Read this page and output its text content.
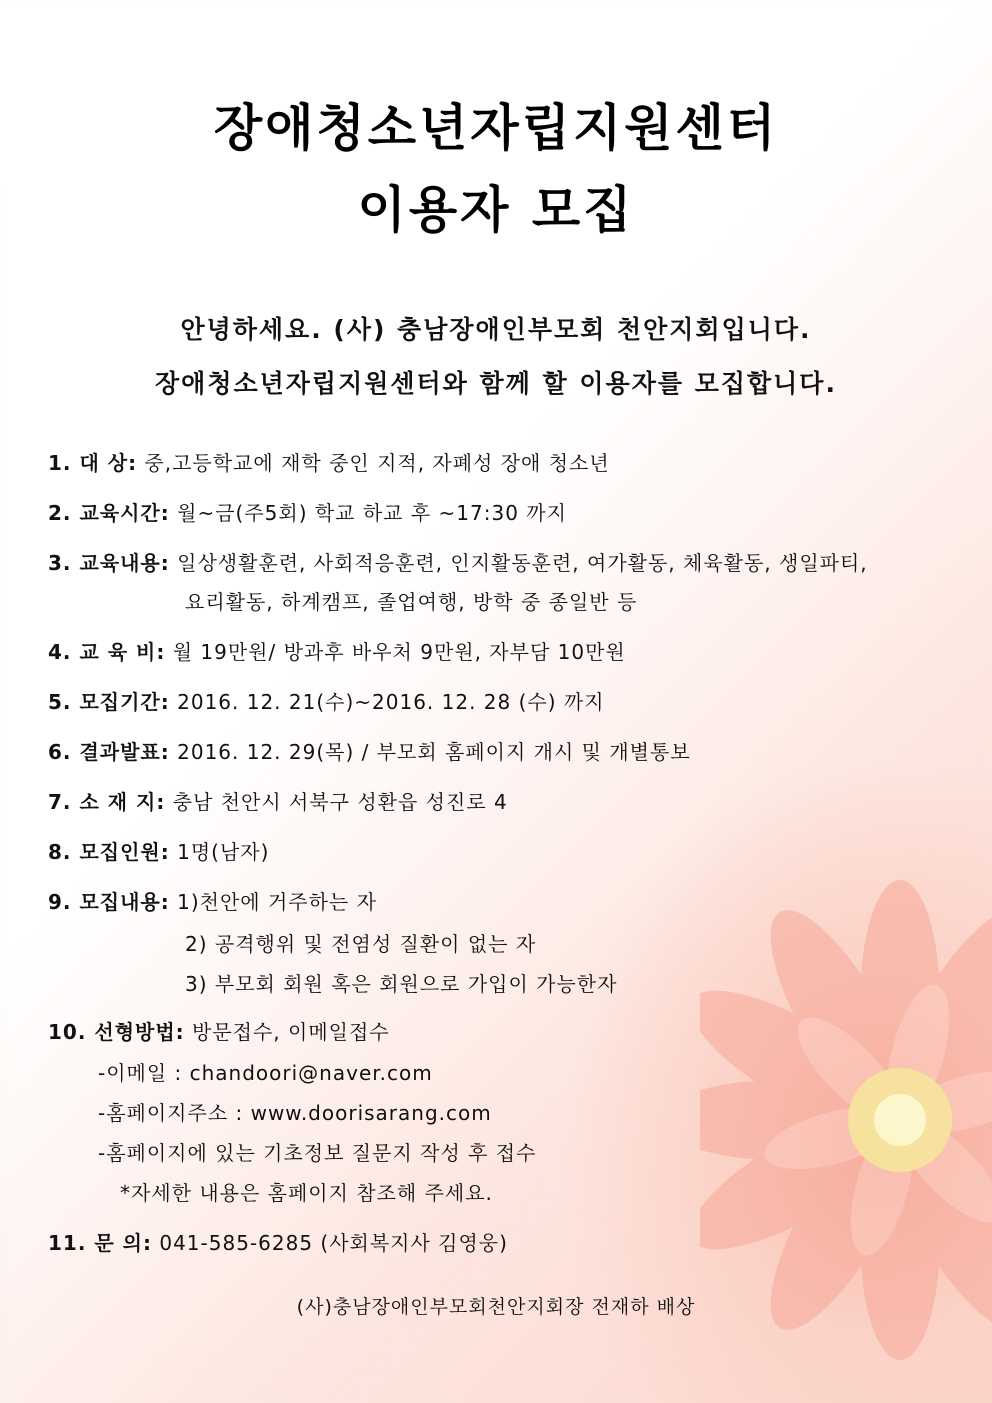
장애청소년자립지원센터
이용자 모집
안녕하세요. (사) 충남장애인부모회 천안지회입니다.
장애청소년자립지원센터와 함께 할 이용자를 모집합니다.
1. 대 상: 중,고등학교에 재학 중인 지적, 자폐성 장애 청소년
2. 교육시간: 월~금(주5회) 학교 하교 후 ~17:30 까지
3. 교육내용: 일상생활훈련, 사회적응훈련, 인지활동훈련, 여가활동, 체육활동, 생일파티,
요리활동, 하계캠프, 졸업여행, 방학 중 종일반 등
4. 교 육 비: 월 19만원/ 방과후 바우처 9만원, 자부담 10만원
5. 모집기간: 2016. 12. 21(수)~2016. 12. 28 (수) 까지
6. 결과발표: 2016. 12. 29(목) / 부모회 홈페이지 개시 및 개별통보
7. 소 재 지: 충남 천안시 서북구 성환읍 성진로 4
8. 모집인원: 1명(남자)
9. 모집내용: 1)천안에 거주하는 자
2) 공격행위 및 전염성 질환이 없는 자
3) 부모회 회원 혹은 회원으로 가입이 가능한자
10. 선형방법: 방문접수, 이메일접수
-이메일 : chandoori@naver.com
-홈페이지주소 : www.doorisarang.com
-홈페이지에 있는 기초정보 질문지 작성 후 접수
*자세한 내용은 홈페이지 참조해 주세요.
11. 문 의: 041-585-6285 (사회복지사 김영웅)
(사)충남장애인부모회천안지회장 전재하 배상
